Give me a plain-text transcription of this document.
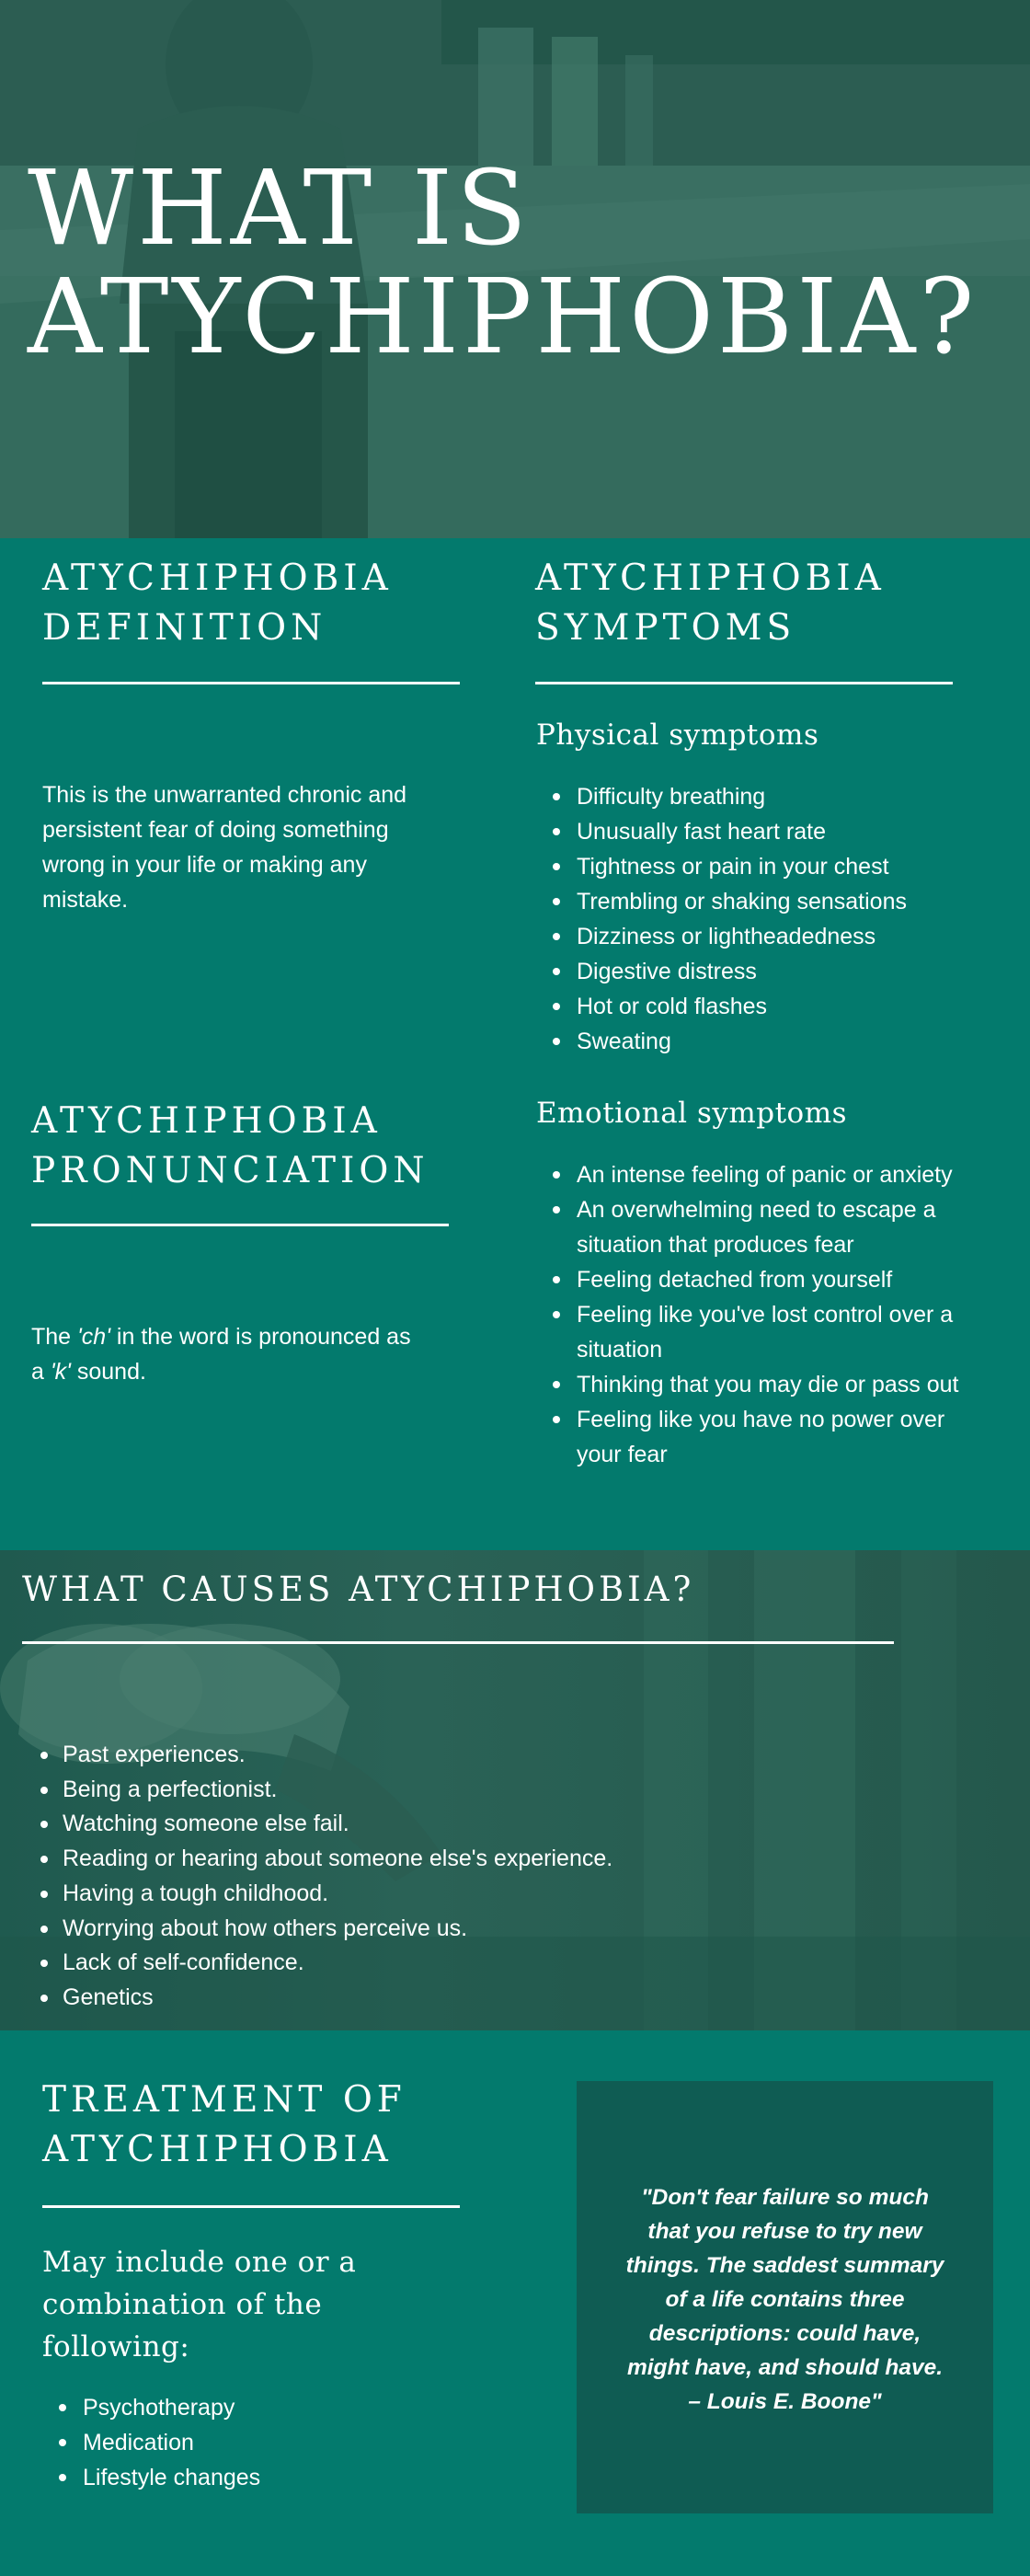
WHAT IS
ATYCHIPHOBIA?
ATYCHIPHOBIA
DEFINITION
This is the unwarranted chronic and
persistent fear of doing something
wrong in your life or making any
mistake.
ATYCHIPHOBIA
PRONUNCIATION
The 'ch' in the word is pronounced as
a 'k' sound.
ATYCHIPHOBIA
SYMPTOMS
Physical symptoms
Difficulty breathing
Unusually fast heart rate
Tightness or pain in your chest
Trembling or shaking sensations
Dizziness or lightheadedness
Digestive distress
Hot or cold flashes
Sweating
Emotional symptoms
An intense feeling of panic or anxiety
An overwhelming need to escape a
situation that produces fear
Feeling detached from yourself
Feeling like you've lost control over a
situation
Thinking that you may die or pass out
Feeling like you have no power over
your fear
WHAT CAUSES ATYCHIPHOBIA?
Past experiences.
Being a perfectionist.
Watching someone else fail.
Reading or hearing about someone else's experience.
Having a tough childhood.
Worrying about how others perceive us.
Lack of self-confidence.
Genetics
TREATMENT OF
ATYCHIPHOBIA
May include one or a
combination of the
following:
Psychotherapy
Medication
Lifestyle changes
"Don't fear failure so much
that you refuse to try new
things. The saddest summary
of a life contains three
descriptions: could have,
might have, and should have.
– Louis E. Boone"
